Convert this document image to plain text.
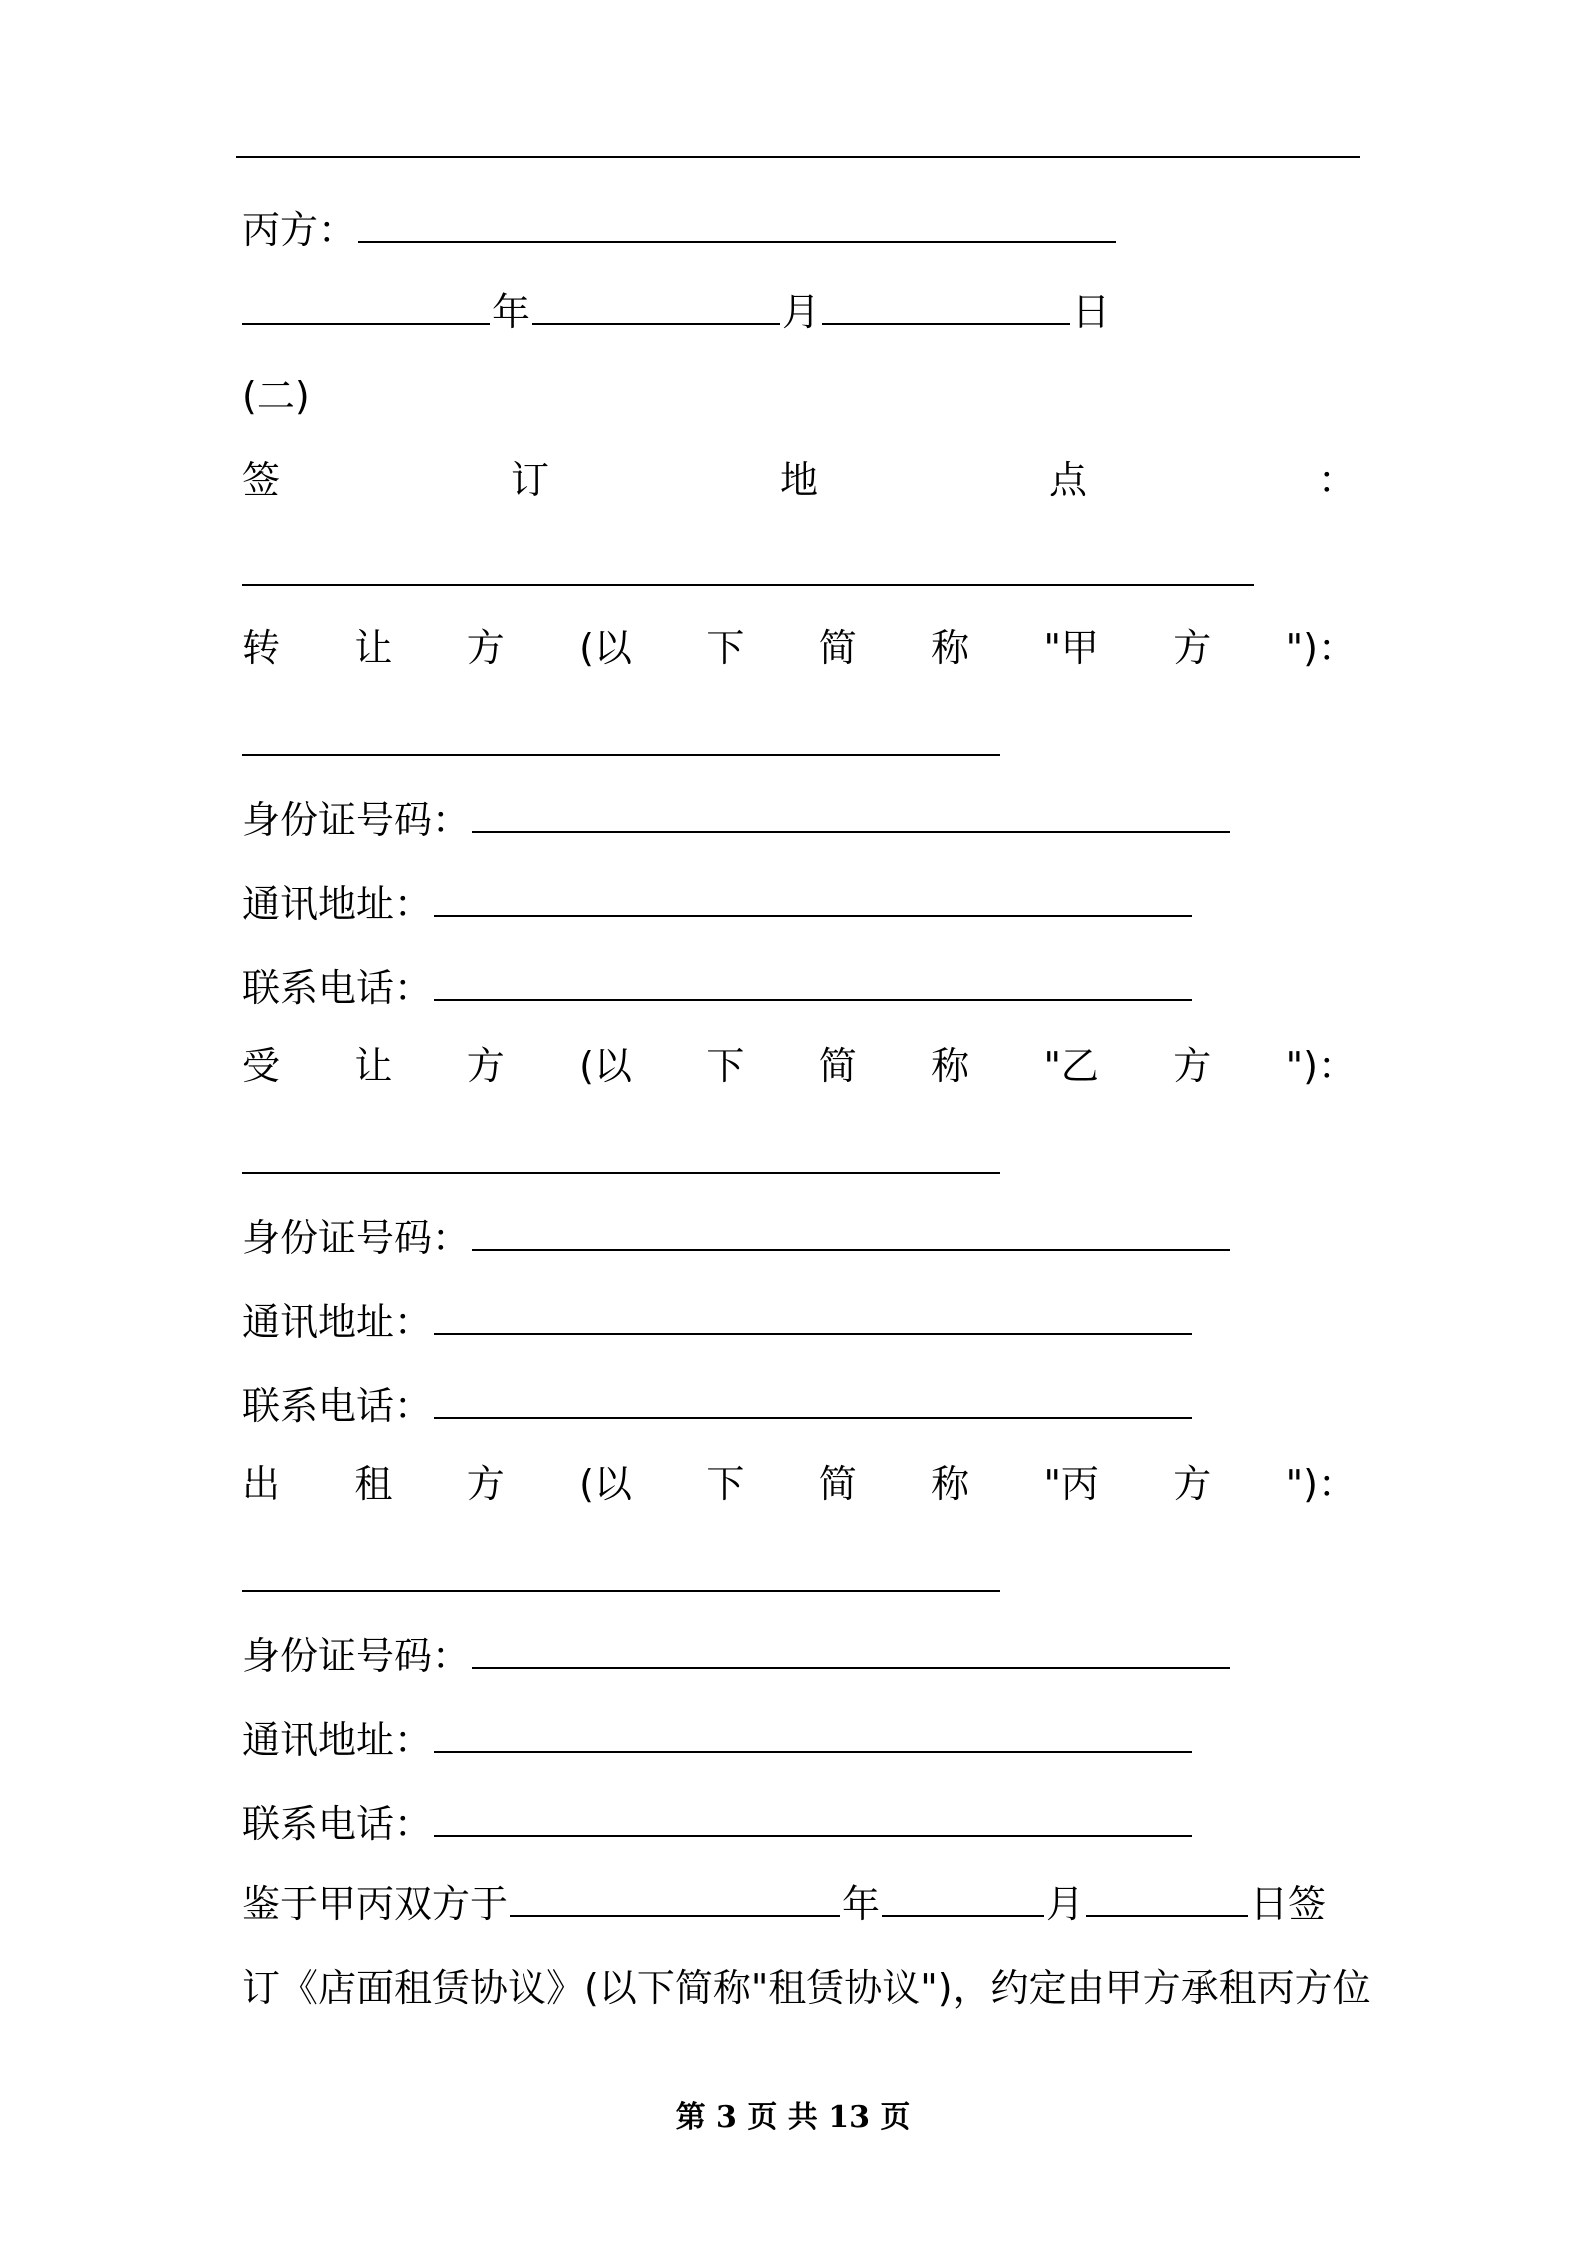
丙方：
年	月	日
(二)
签	订	地	点	：
转 让 方 (以 下 简 称 "甲 方 ")：
身份证号码：
通讯地址：
联系电话：
受 让 方 (以 下 简 称 "乙 方 ")：
身份证号码：
通讯地址：
联系电话：
出 租 方 (以 下 简 称 "丙 方 ")：
身份证号码：
通讯地址：
联系电话：
鉴于甲丙双方于	年	月	日签
订《店面租赁协议》(以下简称"租赁协议")，约定由甲方承租丙方位
第 3 页 共 13 页
